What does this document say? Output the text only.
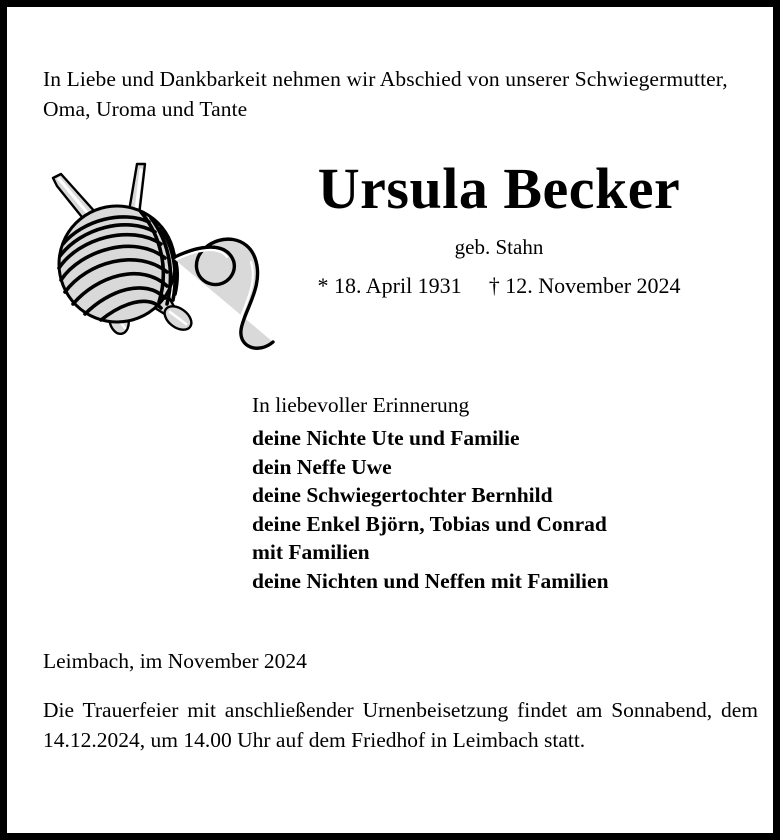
In Liebe und Dankbarkeit nehmen wir Abschied von unserer Schwiegermutter, Oma, Uroma und Tante

Ursula Becker
geb. Stahn
* 18. April 1931 † 12. November 2024

In liebevoller Erinnerung

deine Nichte Ute und Familie

dein Neffe Uwe

deine Schwiegertochter Bernhild

deine Enkel Björn, Tobias und Conrad

mit Familien

deine Nichten und Neffen mit Familien

Leimbach, im November 2024

Die Trauerfeier mit anschließender Urnenbeisetzung findet am Sonnabend, dem 14.12.2024, um 14.00 Uhr auf dem Friedhof in Leimbach statt.
